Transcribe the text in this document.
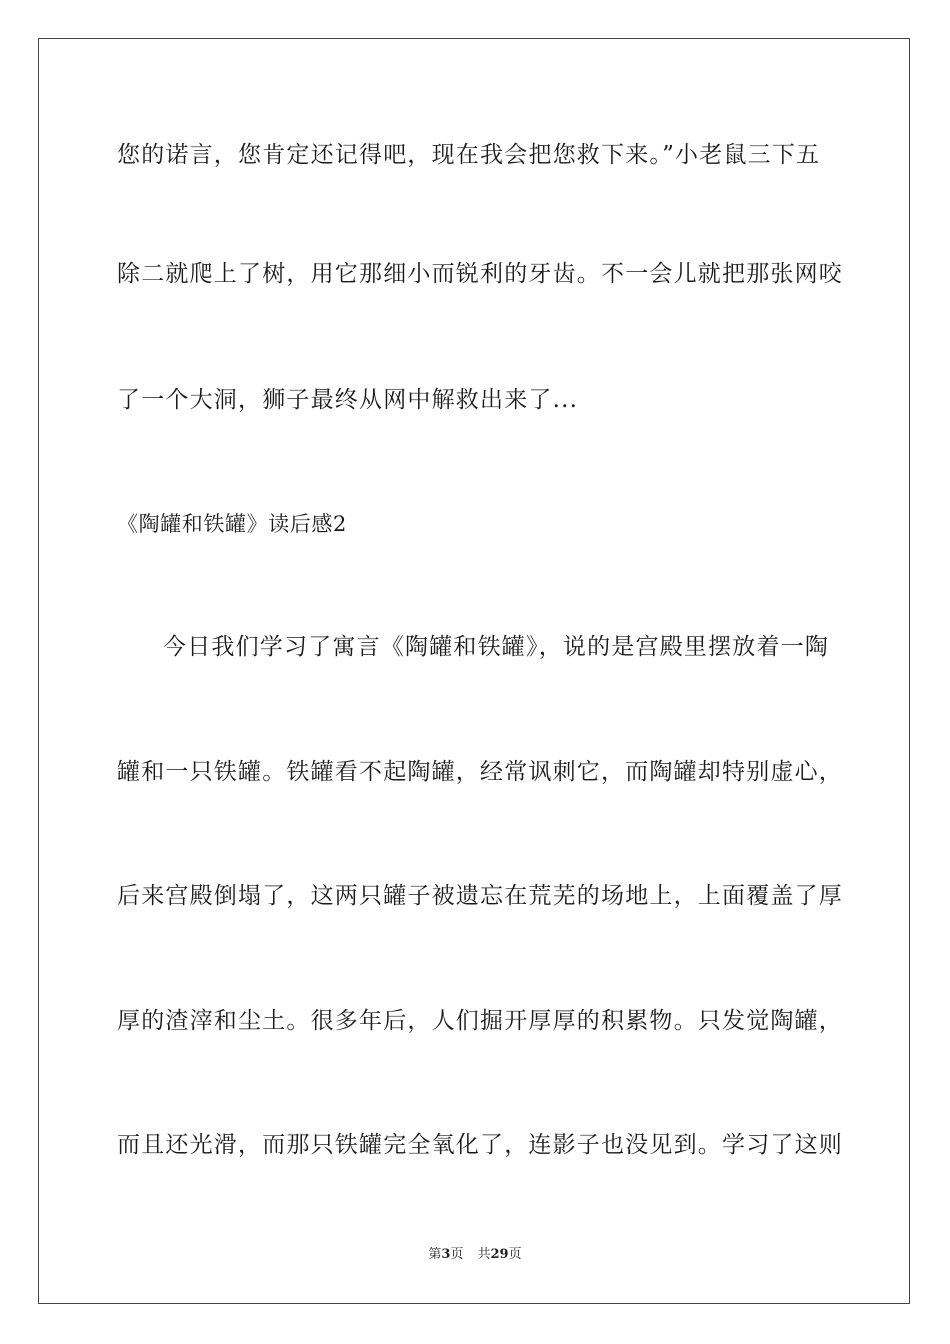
您的诺言，您肯定还记得吧，现在我会把您救下来。”小老鼠三下五
除二就爬上了树，用它那细小而锐利的牙齿。不一会儿就把那张网咬
了一个大洞，狮子最终从网中解救出来了...
《陶罐和铁罐》读后感2
今日我们学习了寓言《陶罐和铁罐》，说的是宫殿里摆放着一陶
罐和一只铁罐。铁罐看不起陶罐，经常讽刺它，而陶罐却特别虚心，
后来宫殿倒塌了，这两只罐子被遗忘在荒芜的场地上，上面覆盖了厚
厚的渣滓和尘土。很多年后，人们掘开厚厚的积累物。只发觉陶罐，
而且还光滑，而那只铁罐完全氧化了，连影子也没见到。学习了这则
第3页 共29页
